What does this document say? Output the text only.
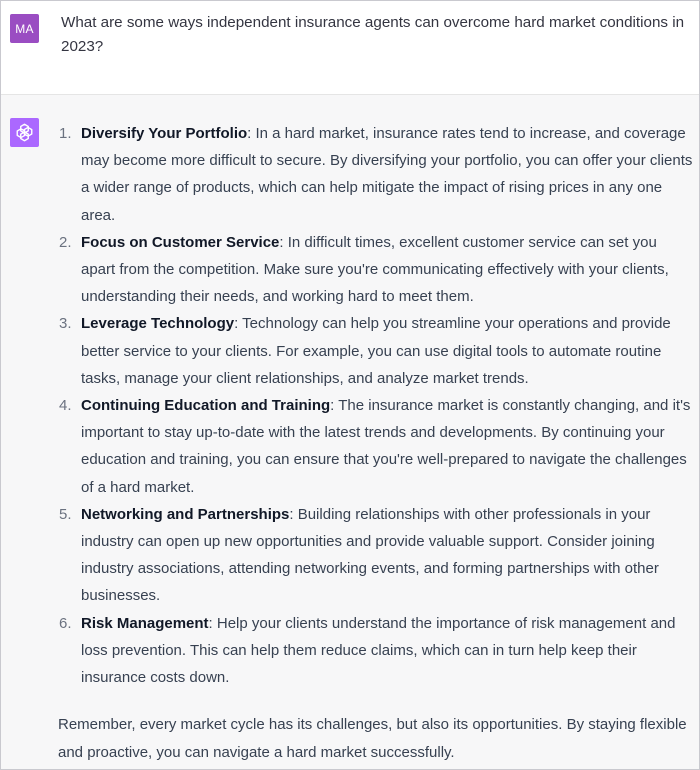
MA What are some ways independent insurance agents can overcome hard market conditions in 2023?

1. Diversify Your Portfolio: In a hard market, insurance rates tend to increase, and coverage may become more difficult to secure. By diversifying your portfolio, you can offer your clients a wider range of products, which can help mitigate the impact of rising prices in any one area.
2. Focus on Customer Service: In difficult times, excellent customer service can set you apart from the competition. Make sure you're communicating effectively with your clients, understanding their needs, and working hard to meet them.
3. Leverage Technology: Technology can help you streamline your operations and provide better service to your clients. For example, you can use digital tools to automate routine tasks, manage your client relationships, and analyze market trends.
4. Continuing Education and Training: The insurance market is constantly changing, and it's important to stay up-to-date with the latest trends and developments. By continuing your education and training, you can ensure that you're well-prepared to navigate the challenges of a hard market.
5. Networking and Partnerships: Building relationships with other professionals in your industry can open up new opportunities and provide valuable support. Consider joining industry associations, attending networking events, and forming partnerships with other businesses.
6. Risk Management: Help your clients understand the importance of risk management and loss prevention. This can help them reduce claims, which can in turn help keep their insurance costs down.

Remember, every market cycle has its challenges, but also its opportunities. By staying flexible and proactive, you can navigate a hard market successfully.
